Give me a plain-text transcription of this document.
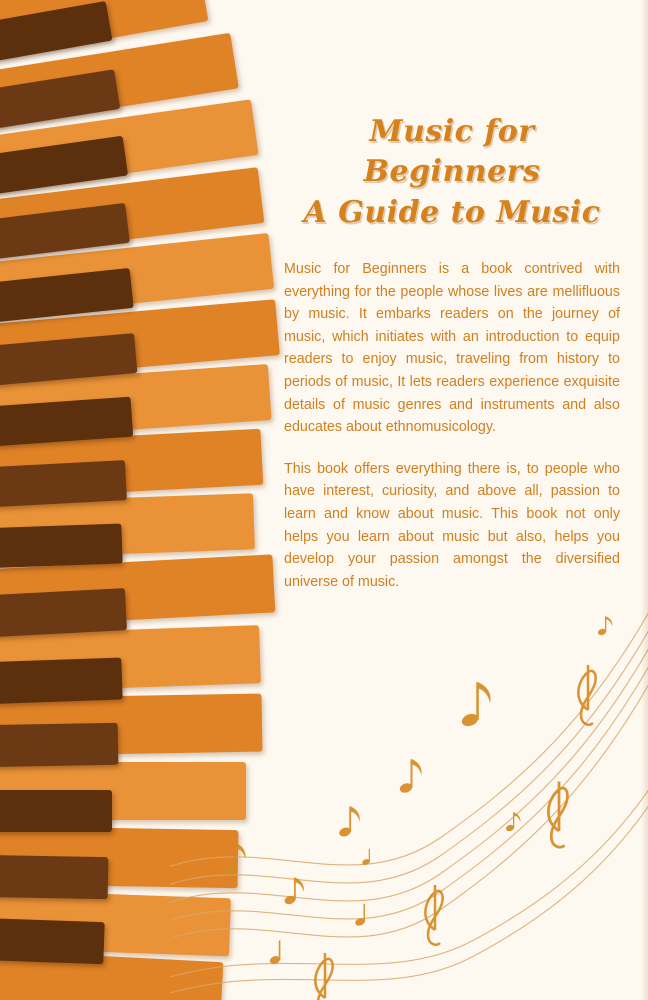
Music for Beginners
A Guide to Music

Music for Beginners is a book contrived with everything for the people whose lives are mellifluous by music. It embarks readers on the journey of music, which initiates with an introduction to equip readers to enjoy music, traveling from history to periods of music, It lets readers experience exquisite details of music genres and instruments and also educates about ethnomusicology.

This book offers everything there is, to people who have interest, curiosity, and above all, passion to learn and know about music. This book not only helps you learn about music but also, helps you develop your passion amongst the diversified universe of music.
